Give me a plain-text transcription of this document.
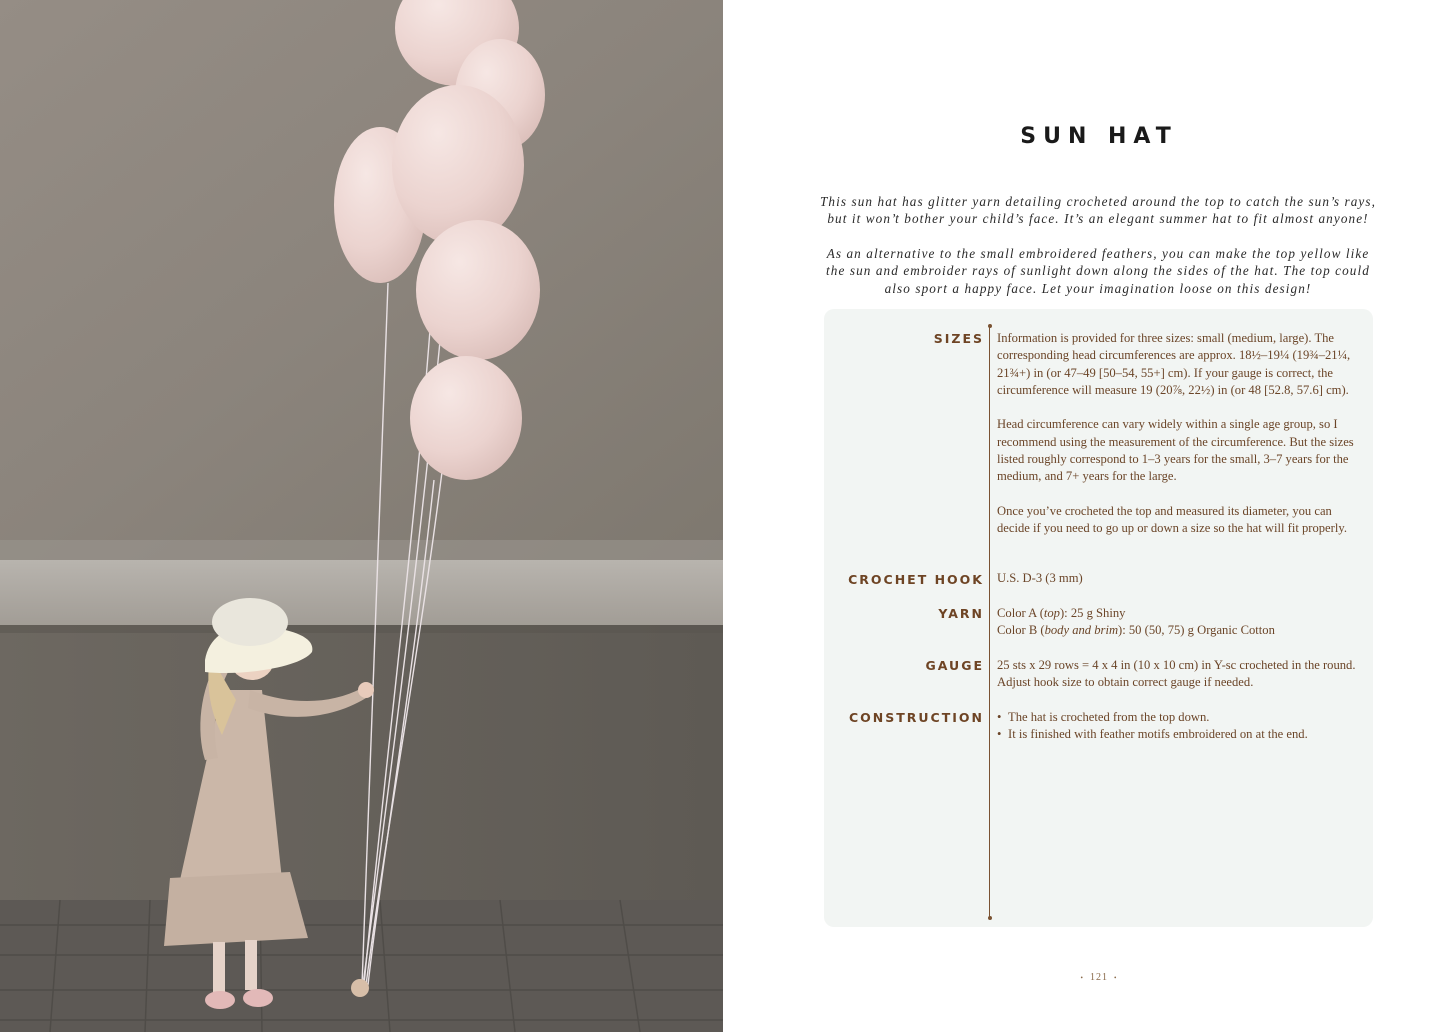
SUN HAT

This sun hat has glitter yarn detailing crocheted around the top to catch the sun’s rays, but it won’t bother your child’s face. It’s an elegant summer hat to fit almost anyone!

As an alternative to the small embroidered feathers, you can make the top yellow like the sun and embroider rays of sunlight down along the sides of the hat. The top could also sport a happy face. Let your imagination loose on this design!

SIZES Information is provided for three sizes: small (medium, large). The corresponding head circumferences are approx. 18½–19¼ (19¾–21¼, 21¾+) in (or 47–49 [50–54, 55+] cm). If your gauge is correct, the circumference will measure 19 (20⅞, 22½) in (or 48 [52.8, 57.6] cm).

Head circumference can vary widely within a single age group, so I recommend using the measurement of the circumference. But the sizes listed roughly correspond to 1–3 years for the small, 3–7 years for the medium, and 7+ years for the large.

Once you’ve crocheted the top and measured its diameter, you can decide if you need to go up or down a size so the hat will fit properly.

CROCHET HOOK U.S. D-3 (3 mm)
YARN Color A (top): 25 g Shiny
Color B (body and brim): 50 (50, 75) g Organic Cotton
GAUGE 25 sts x 29 rows = 4 x 4 in (10 x 10 cm) in Y-sc crocheted in the round. Adjust hook size to obtain correct gauge if needed.
CONSTRUCTION
•	The hat is crocheted from the top down.
• It is finished with feather motifs embroidered on at the end.
• 121 •
